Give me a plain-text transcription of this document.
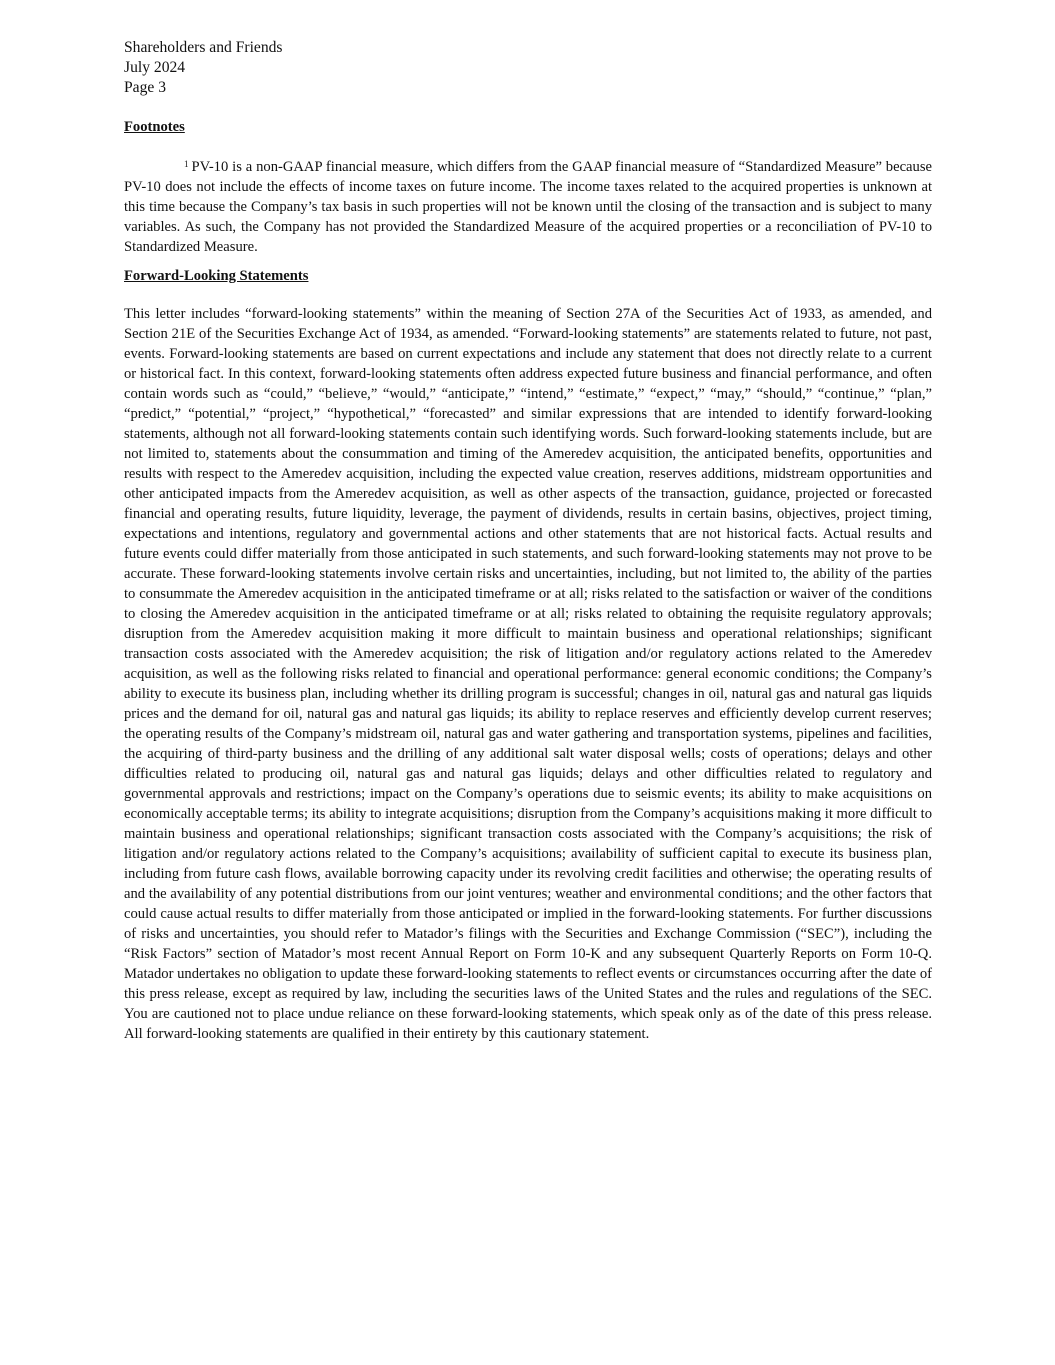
Shareholders and Friends
July 2024
Page 3
Footnotes

$^1$ PV-10 is a non-GAAP financial measure, which differs from the GAAP financial measure of “Standardized Measure” because PV-10 does not include the effects of income taxes on future income. The income taxes related to the acquired properties is unknown at this time because the Company’s tax basis in such properties will not be known until the closing of the transaction and is subject to many variables. As such, the Company has not provided the Standardized Measure of the acquired properties or a reconciliation of PV-10 to Standardized Measure.

Forward-Looking Statements

This letter includes “forward-looking statements” within the meaning of Section 27A of the Securities Act of 1933, as amended, and Section 21E of the Securities Exchange Act of 1934, as amended. “Forward-looking statements” are statements related to future, not past, events. Forward-looking statements are based on current expectations and include any statement that does not directly relate to a current or historical fact. In this context, forward-looking statements often address expected future business and financial performance, and often contain words such as “could,” “believe,” “would,” “anticipate,” “intend,” “estimate,” “expect,” “may,” “should,” “continue,” “plan,” “predict,” “potential,” “project,” “hypothetical,” “forecasted” and similar expressions that are intended to identify forward-looking statements, although not all forward-looking statements contain such identifying words. Such forward-looking statements include, but are not limited to, statements about the consummation and timing of the Ameredev acquisition, the anticipated benefits, opportunities and results with respect to the Ameredev acquisition, including the expected value creation, reserves additions, midstream opportunities and other anticipated impacts from the Ameredev acquisition, as well as other aspects of the transaction, guidance, projected or forecasted financial and operating results, future liquidity, leverage, the payment of dividends, results in certain basins, objectives, project timing, expectations and intentions, regulatory and governmental actions and other statements that are not historical facts. Actual results and future events could differ materially from those anticipated in such statements, and such forward-looking statements may not prove to be accurate. These forward-looking statements involve certain risks and uncertainties, including, but not limited to, the ability of the parties to consummate the Ameredev acquisition in the anticipated timeframe or at all; risks related to the satisfaction or waiver of the conditions to closing the Ameredev acquisition in the anticipated timeframe or at all; risks related to obtaining the requisite regulatory approvals; disruption from the Ameredev acquisition making it more difficult to maintain business and operational relationships; significant transaction costs associated with the Ameredev acquisition; the risk of litigation and/or regulatory actions related to the Ameredev acquisition, as well as the following risks related to financial and operational performance: general economic conditions; the Company’s ability to execute its business plan, including whether its drilling program is successful; changes in oil, natural gas and natural gas liquids prices and the demand for oil, natural gas and natural gas liquids; its ability to replace reserves and efficiently develop current reserves; the operating results of the Company’s midstream oil, natural gas and water gathering and transportation systems, pipelines and facilities, the acquiring of third-party business and the drilling of any additional salt water disposal wells; costs of operations; delays and other difficulties related to producing oil, natural gas and natural gas liquids; delays and other difficulties related to regulatory and governmental approvals and restrictions; impact on the Company’s operations due to seismic events; its ability to make acquisitions on economically acceptable terms; its ability to integrate acquisitions; disruption from the Company’s acquisitions making it more difficult to maintain business and operational relationships; significant transaction costs associated with the Company’s acquisitions; the risk of litigation and/or regulatory actions related to the Company’s acquisitions; availability of sufficient capital to execute its business plan, including from future cash flows, available borrowing capacity under its revolving credit facilities and otherwise; the operating results of and the availability of any potential distributions from our joint ventures; weather and environmental conditions; and the other factors that could cause actual results to differ materially from those anticipated or implied in the forward-looking statements. For further discussions of risks and uncertainties, you should refer to Matador’s filings with the Securities and Exchange Commission (“SEC”), including the “Risk Factors” section of Matador’s most recent Annual Report on Form 10-K and any subsequent Quarterly Reports on Form 10-Q. Matador undertakes no obligation to update these forward-looking statements to reflect events or circumstances occurring after the date of this press release, except as required by law, including the securities laws of the United States and the rules and regulations of the SEC. You are cautioned not to place undue reliance on these forward-looking statements, which speak only as of the date of this press release. All forward-looking statements are qualified in their entirety by this cautionary statement.
